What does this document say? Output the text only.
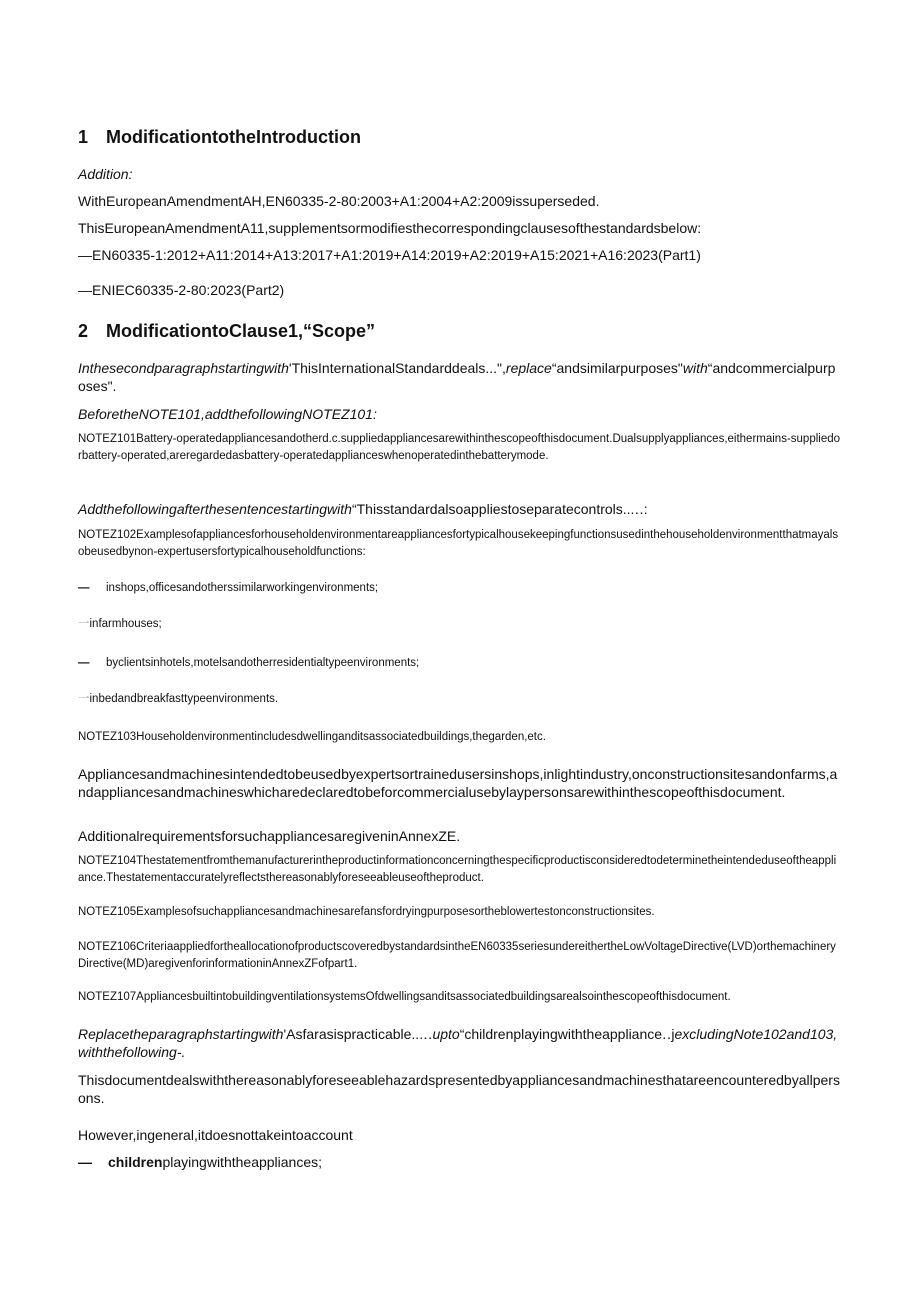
1 ModificationtotheIntroduction
Addition:
WithEuropeanAmendmentAH,EN60335-2-80:2003+A1:2004+A2:2009issuperseded.
ThisEuropeanAmendmentA11,supplementsormodifiesthecorrespondingclausesofthestandardsbelow:
—EN60335-1:2012+A11:2014+A13:2017+A1:2019+A14:2019+A2:2019+A15:2021+A16:2023(Part1)
—ENIEC60335-2-80:2023(Part2)
2 ModificationtoClause1,“Scope”
Inthesecondparagraphstartingwith'ThisInternationalStandarddeals...",replace“andsimilarpurposes"with“andcommercialpurposes".
BeforetheNOTE101,addthefollowingNOTEZ101:
NOTEZ101Battery-operatedappliancesandotherd.c.suppliedappliancesarewithinthescopeofthisdocument.Dualsupplyappliances,eithermains-suppliedorbattery-operated,areregardedasbattery-operatedapplianceswhenoperatedinthebatterymode.
Addthefollowingafterthesentencestartingwith“Thisstandardalsoappliestoseparatecontrols...‥:
NOTEZ102Examplesofappliancesforhouseholdenvironmentareappliancesfortypicalhousekeepingfunctionsusedinthehouseholdenvironmentthatmayalsobeusedbynon-expertusersfortypicalhouseholdfunctions:
— inshops,officesandotherssimilarworkingenvironments;
一infarmhouses;
— byclientsinhotels,motelsandotherresidentialtypeenvironments;
一inbedandbreakfasttypeenvironments.
NOTEZ103Householdenvironmentincludesdwellinganditsassociatedbuildings,thegarden,etc.
Appliancesandmachinesintendedtobeusedbyexpertsortrainedusersinshops,inlightindustry,onconstructionsitesandonfarms,andappliancesandmachineswhicharedeclaredtobeforcommercialusebylaypersonsarewithinthescopeofthisdocument.
AdditionalrequirementsforsuchappliancesaregiveninAnnexZE.
NOTEZ104Thestatementfromthemanufacturerintheproductinformationconcerningthespecificproductisconsideredtodeterminetheintendeduseoftheappliance.Thestatementaccuratelyreflectsthereasonablyforeseeableuseoftheproduct.
NOTEZ105Examplesofsuchappliancesandmachinesarefansfordryingpurposesortheblowertestonconstructionsites.
NOTEZ106CriteriaappliedfortheallocationofproductscoveredbystandardsintheEN60335seriesundereithertheLowVoltageDirective(LVD)orthemachineryDirective(MD)aregivenforinformationinAnnexZFofpart1.
NOTEZ107AppliancesbuiltintobuildingventilationsystemsOfdwellingsanditsassociatedbuildingsarealsointhescopeofthisdocument.
Replacetheparagraphstartingwith'Asfarasispracticable...‥upto“childrenplayingwiththeappliance‥jexcludingNote102and103,withthefollowing-.
Thisdocumentdealswiththereasonablyforeseeablehazardspresentedbyappliancesandmachinesthatareencounteredbyallpersons.
However,ingeneral,itdoesnottakeintoaccount
— childrenplayingwiththeappliances;
